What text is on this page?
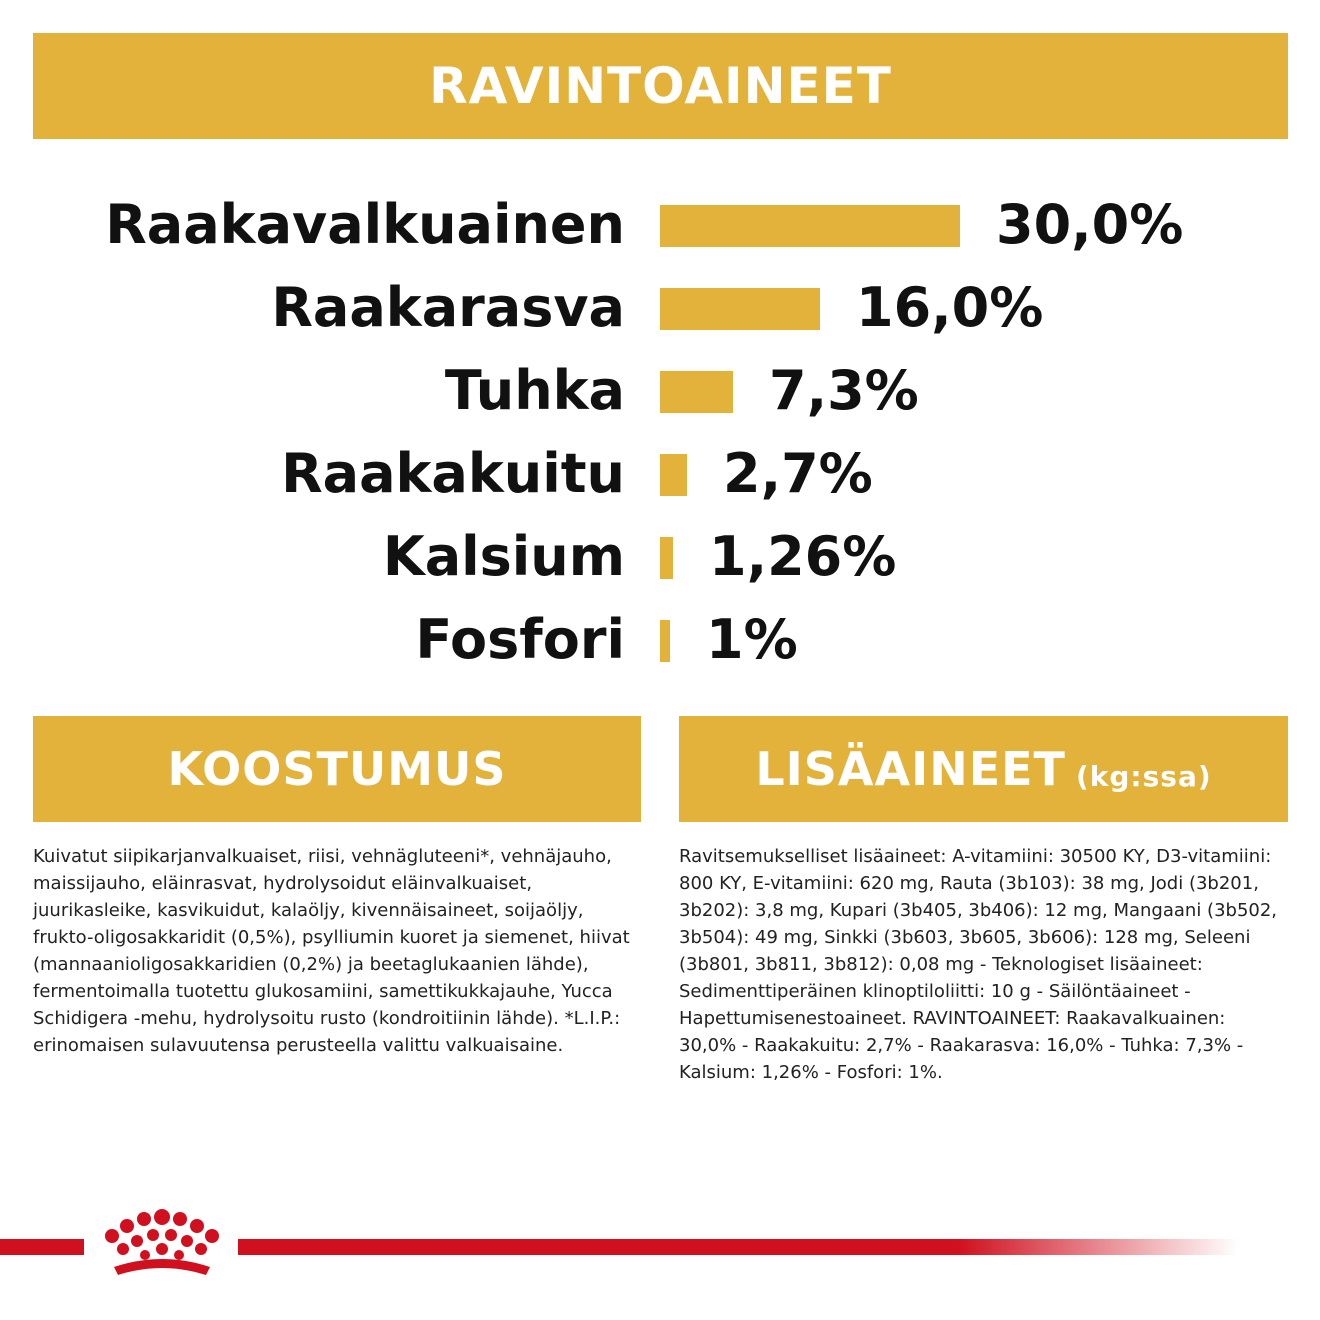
RAVINTOAINEET
Raakavalkuainen	30,0%
Raakarasva	16,0%
Tuhka	7,3%
Raakakuitu 2,7%
Kalsium 1,26%
Fosfori 1%
KOOSTUMUS	LISÄAINEET (kg:ssa)
Kuivatut siipikarjanvalkuaiset, riisi, vehnägluteeni*, vehnäjauho, maissijauho, eläinrasvat, hydrolysoidut eläinvalkuaiset, juurikasleike, kasvikuidut, kalaöljy, kivennäisaineet, soijaöljy, frukto-oligosakkaridit (0,5%), psylliumin kuoret ja siemenet, hiivat (mannaanioligosakkaridien (0,2%) ja beetaglukaanien lähde), fermentoimalla tuotettu glukosamiini, samettikukkajauhe, Yucca Schidigera -mehu, hydrolysoitu rusto (kondroitiinin lähde). *L.I.P.: erinomaisen sulavuutensa perusteella valittu valkuaisaine.
Ravitsemukselliset lisäaineet: A-vitamiini: 30500 KY, D3-vitamiini: 800 KY, E-vitamiini: 620 mg, Rauta (3b103): 38 mg, Jodi (3b201, 3b202): 3,8 mg, Kupari (3b405, 3b406): 12 mg, Mangaani (3b502, 3b504): 49 mg, Sinkki (3b603, 3b605, 3b606): 128 mg, Seleeni (3b801, 3b811, 3b812): 0,08 mg - Teknologiset lisäaineet: Sedimenttiperäinen klinoptiloliitti: 10 g - Säilöntäaineet - Hapettumisenestoaineet. RAVINTOAINEET: Raakavalkuainen: 30,0% - Raakakuitu: 2,7% - Raakarasva: 16,0% - Tuhka: 7,3% - Kalsium: 1,26% - Fosfori: 1%.
